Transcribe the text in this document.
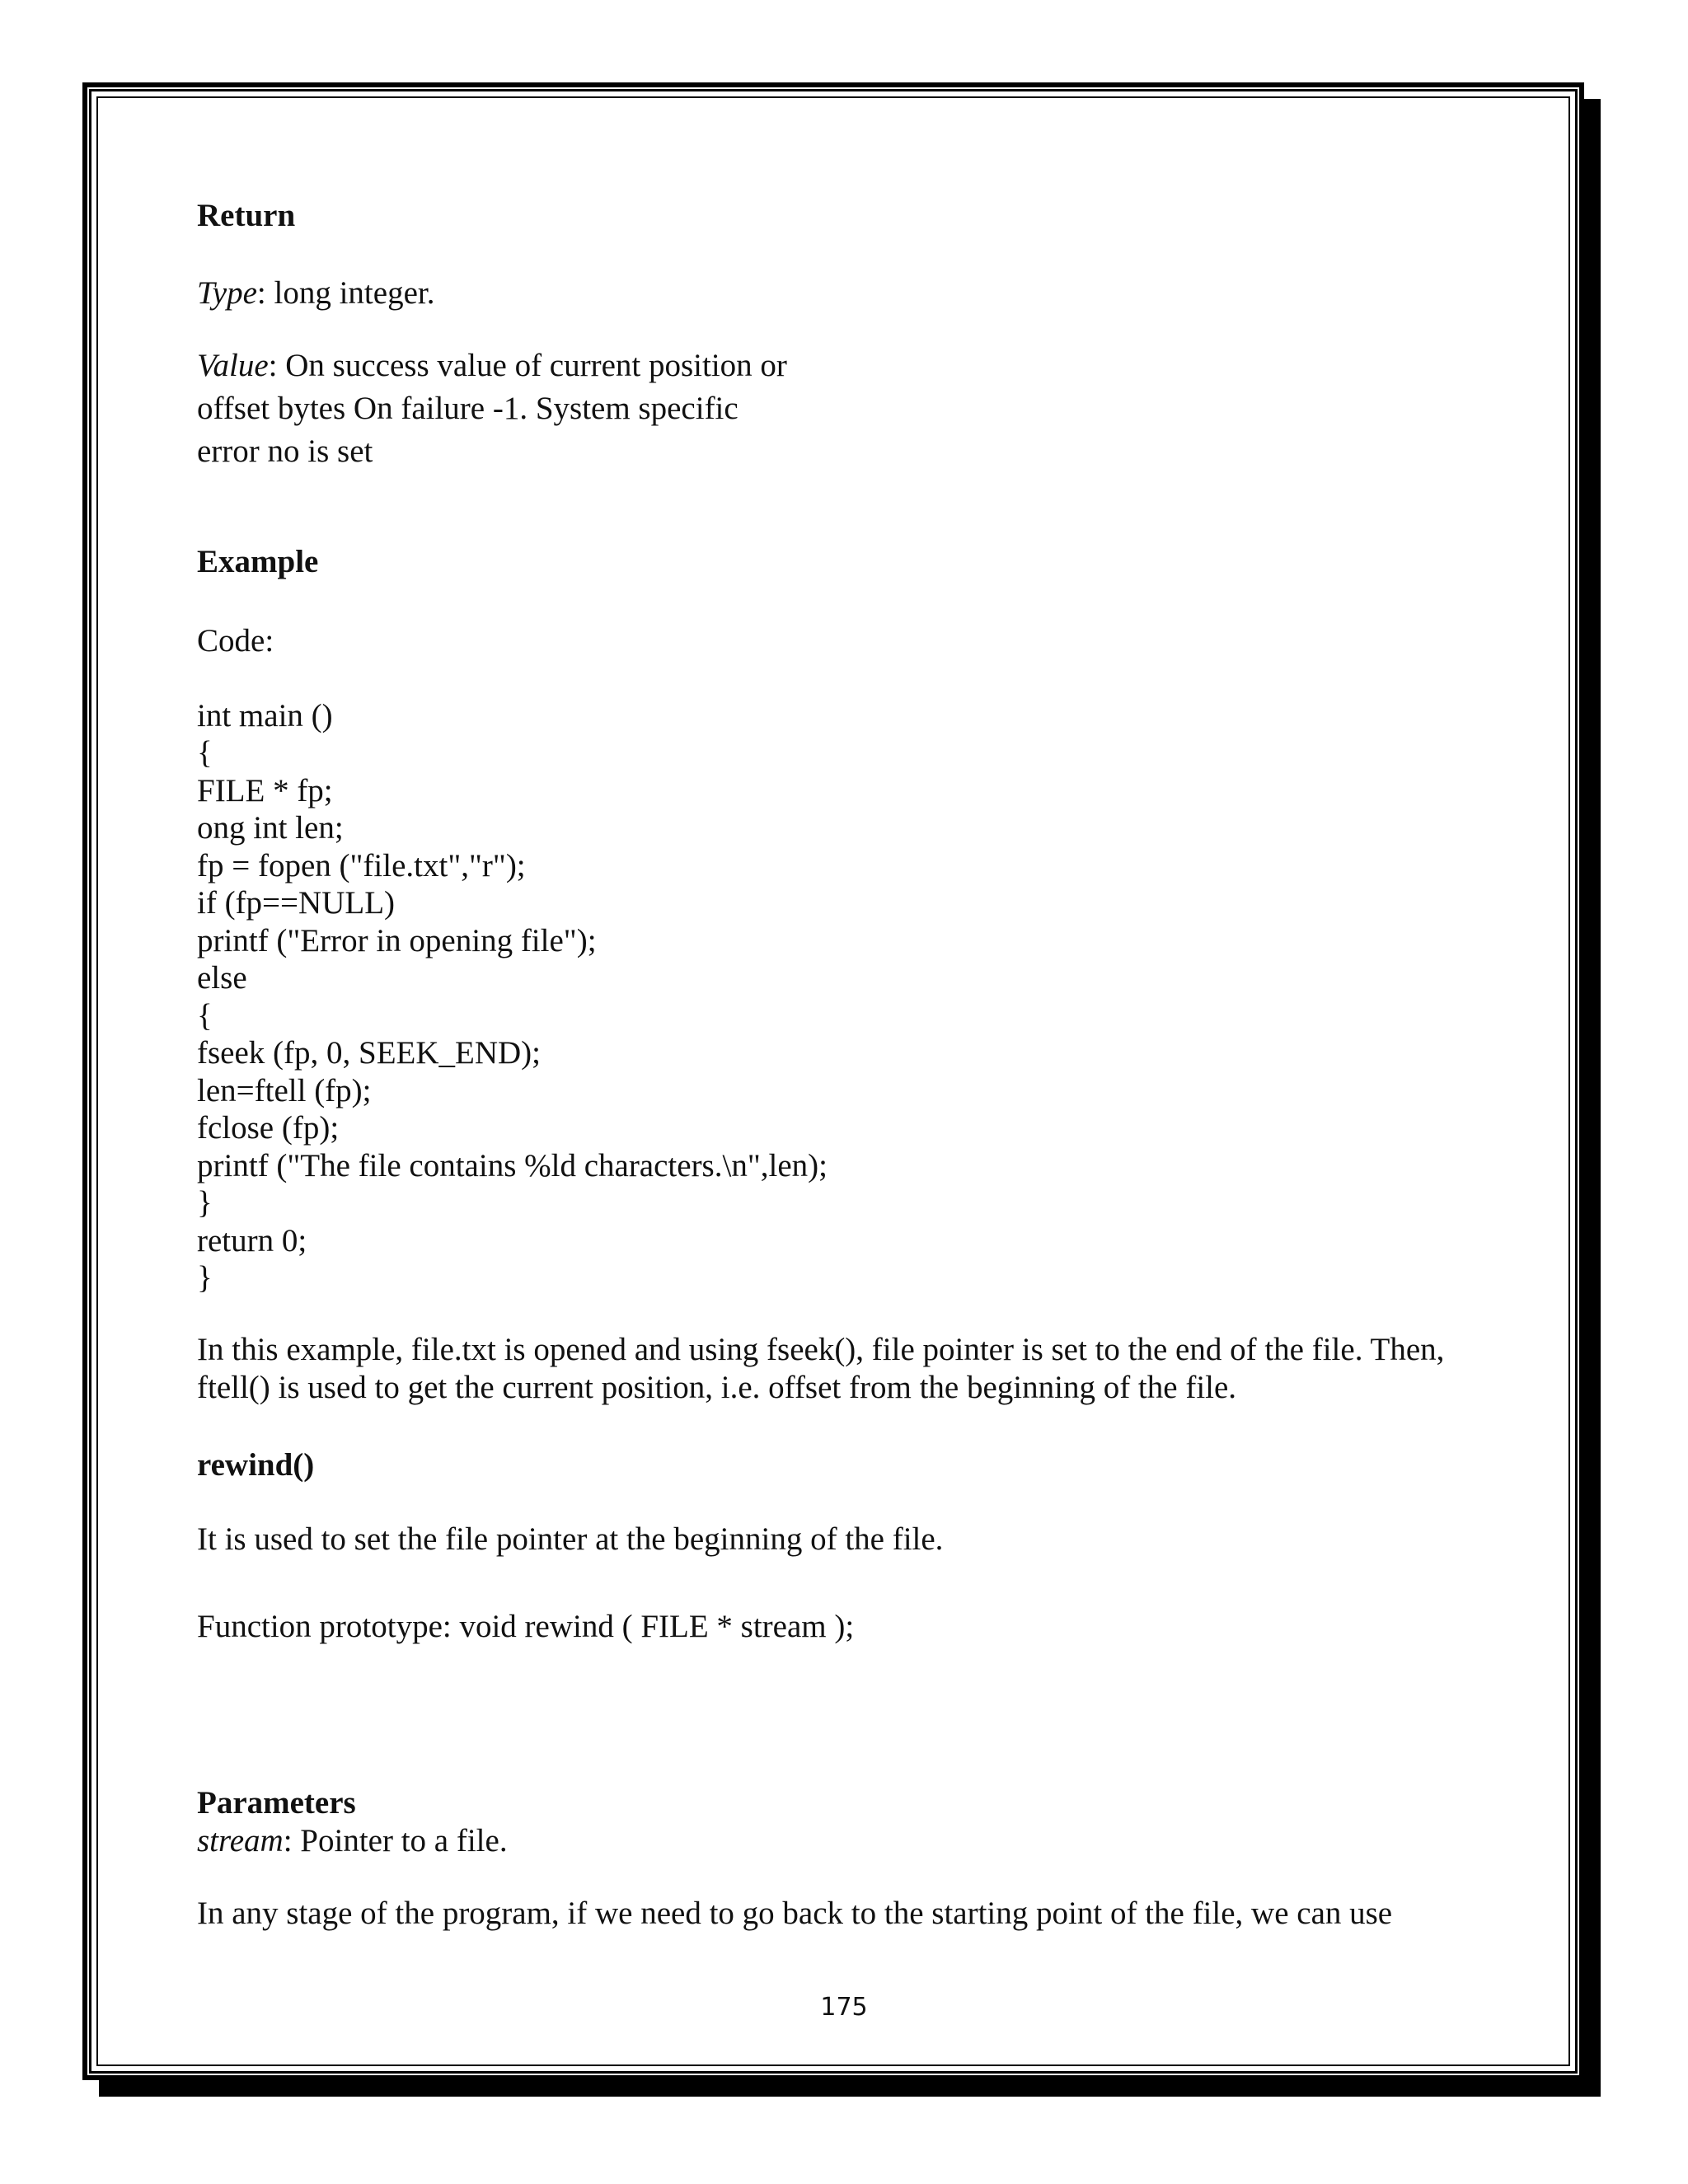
Return

Type: long integer.

Value: On success value of current position or

offset bytes On failure -1. System specific

error no is set

Example

Code:

int main ()

{

FILE * fp;

ong int len;

fp = fopen ("file.txt","r");

if (fp==NULL)

printf ("Error in opening file");

else

{

fseek (fp, 0, SEEK_END);

len=ftell (fp);

fclose (fp);

printf ("The file contains %ld characters.\n",len);

}

return 0;

}

In this example, file.txt is opened and using fseek(), file pointer is set to the end of the file. Then,

ftell() is used to get the current position, i.e. offset from the beginning of the file.

rewind()

It is used to set the file pointer at the beginning of the file.

Function prototype: void rewind ( FILE * stream );

Parameters

stream: Pointer to a file.

In any stage of the program, if we need to go back to the starting point of the file, we can use

175
